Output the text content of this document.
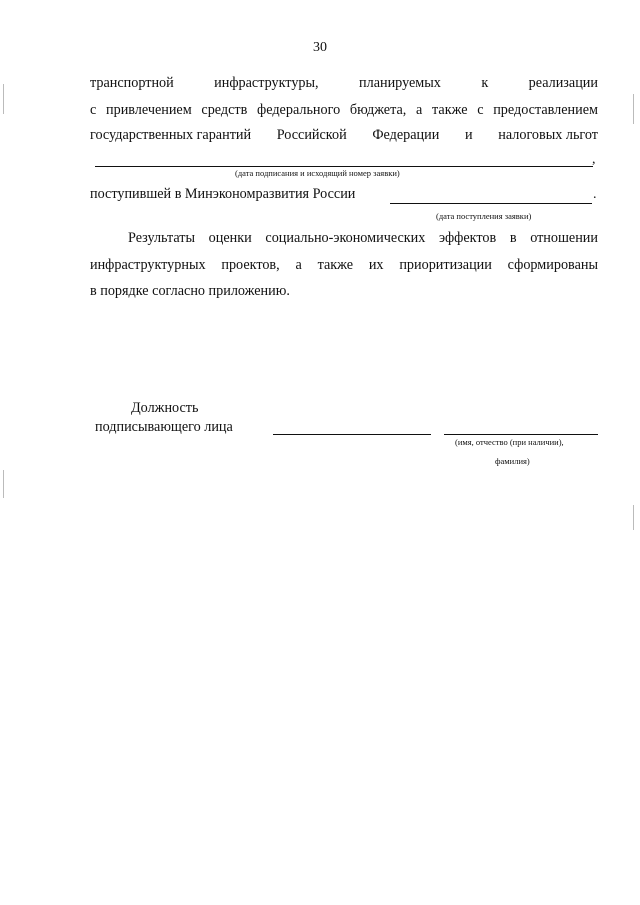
30
транспортной	инфраструктуры,	планируемых	к	реализации
с привлечением средств федерального бюджета, а также с предоставлением
государственных гарантий Российской Федерации и налоговых льгот
,
(дата подписания и исходящий номер заявки)
поступившей в Минэкономразвития России	.
(дата поступления заявки)
Результаты оценки социально-экономических эффектов в отношении
инфраструктурных проектов, а также их приоритизации сформированы
в порядке согласно приложению.
Должность
подписывающего лица
(имя, отчество (при наличии),
фамилия)
